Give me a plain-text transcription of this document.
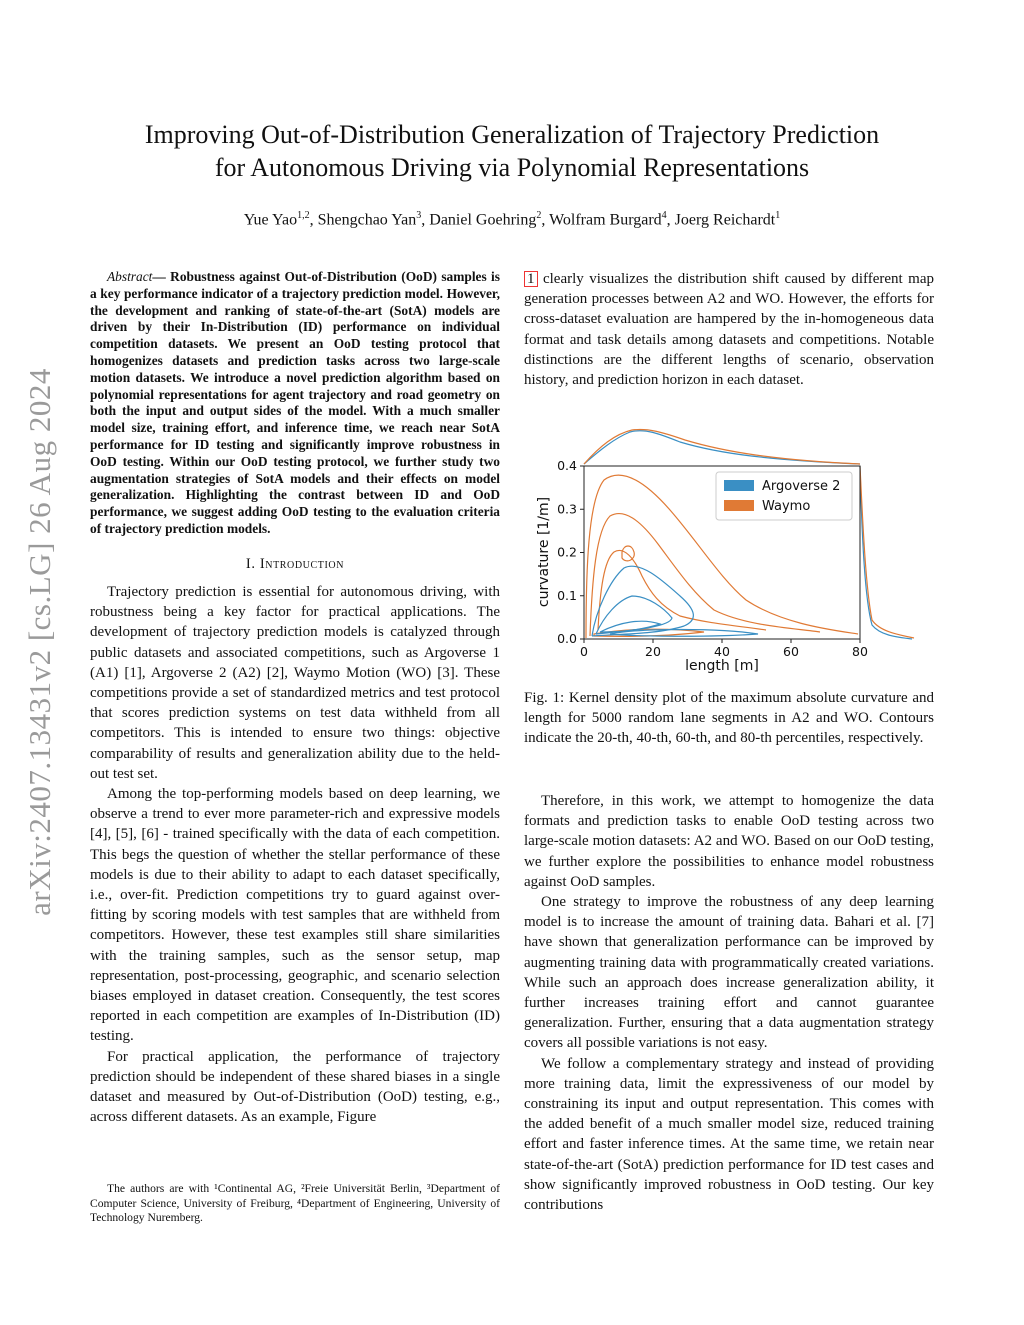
arXiv:2407.13431v2 [cs.LG] 26 Aug 2024
Improving Out-of-Distribution Generalization of Trajectory Prediction
for Autonomous Driving via Polynomial Representations
Yue Yao$^{1,2}$, Shengchao Yan$^3$, Daniel Goehring$^2$, Wolfram Burgard$^4$, Joerg Reichardt$^1$
Abstract— Robustness against Out-of-Distribution (OoD) samples is a key performance indicator of a trajectory prediction model. However, the development and ranking of state-of-the-art (SotA) models are driven by their In-Distribution (ID) performance on individual competition datasets. We present an OoD testing protocol that homogenizes datasets and prediction tasks across two large-scale motion datasets. We introduce a novel prediction algorithm based on polynomial representations for agent trajectory and road geometry on both the input and output sides of the model. With a much smaller model size, training effort, and inference time, we reach near SotA performance for ID testing and significantly improve robustness in OoD testing. Within our OoD testing protocol, we further study two augmentation strategies of SotA models and their effects on model generalization. Highlighting the contrast between ID and OoD performance, we suggest adding OoD testing to the evaluation criteria of trajectory prediction models.
I. Introduction

Trajectory prediction is essential for autonomous driving, with robustness being a key factor for practical applications. The development of trajectory prediction models is catalyzed through public datasets and associated competitions, such as Argoverse 1 (A1) [1], Argoverse 2 (A2) [2], Waymo Motion (WO) [3]. These competitions provide a set of standardized metrics and test protocol that scores prediction systems on test data withheld from all competitors. This is intended to ensure two things: objective comparability of results and generalization ability due to the held-out test set.

Among the top-performing models based on deep learning, we observe a trend to ever more parameter-rich and expressive models [4], [5], [6] - trained specifically with the data of each competition. This begs the question of whether the stellar performance of these models is due to their ability to adapt to each dataset specifically, i.e., over-fit. Prediction competitions try to guard against over-fitting by scoring models with test samples that are withheld from competitors. However, these test examples still share similarities with the training samples, such as the sensor setup, map representation, post-processing, geographic, and scenario selection biases employed in dataset creation. Consequently, the test scores reported in each competition are examples of In-Distribution (ID) testing.

For practical application, the performance of trajectory prediction should be independent of these shared biases in a single dataset and measured by Out-of-Distribution (OoD) testing, e.g., across different datasets. As an example, Figure

The authors are with ¹Continental AG, ²Freie Universität Berlin, ³Department of Computer Science, University of Freiburg, ⁴Department of Engineering, University of Technology Nuremberg.

1 clearly visualizes the distribution shift caused by different map generation processes between A2 and WO. However, the efforts for cross-dataset evaluation are hampered by the in-homogeneous data format and task details among datasets and competitions. Notable distinctions are the different lengths of scenario, observation history, and prediction horizon in each dataset.

Argoverse 2
Waymo
0	20	40	60	80
0.0
0.1
0.2
0.3
0.4
length [m]
curvature [1/m]
Fig. 1: Kernel density plot of the maximum absolute curvature and length for 5000 random lane segments in A2 and WO. Contours indicate the 20-th, 40-th, 60-th, and 80-th percentiles, respectively.

Therefore, in this work, we attempt to homogenize the data formats and prediction tasks to enable OoD testing across two large-scale motion datasets: A2 and WO. Based on our OoD testing, we further explore the possibilities to enhance model robustness against OoD samples.

One strategy to improve the robustness of any deep learning model is to increase the amount of training data. Bahari et al. [7] have shown that generalization performance can be improved by augmenting training data with programmatically created variations. While such an approach does increase generalization ability, it further increases training effort and cannot guarantee generalization. Further, ensuring that a data augmentation strategy covers all possible variations is not easy.

We follow a complementary strategy and instead of providing more training data, limit the expressiveness of our model by constraining its input and output representation. This comes with the added benefit of a much smaller model size, reduced training effort and faster inference times. At the same time, we retain near state-of-the-art (SotA) prediction performance for ID test cases and show significantly improved robustness in OoD testing. Our key contributions
